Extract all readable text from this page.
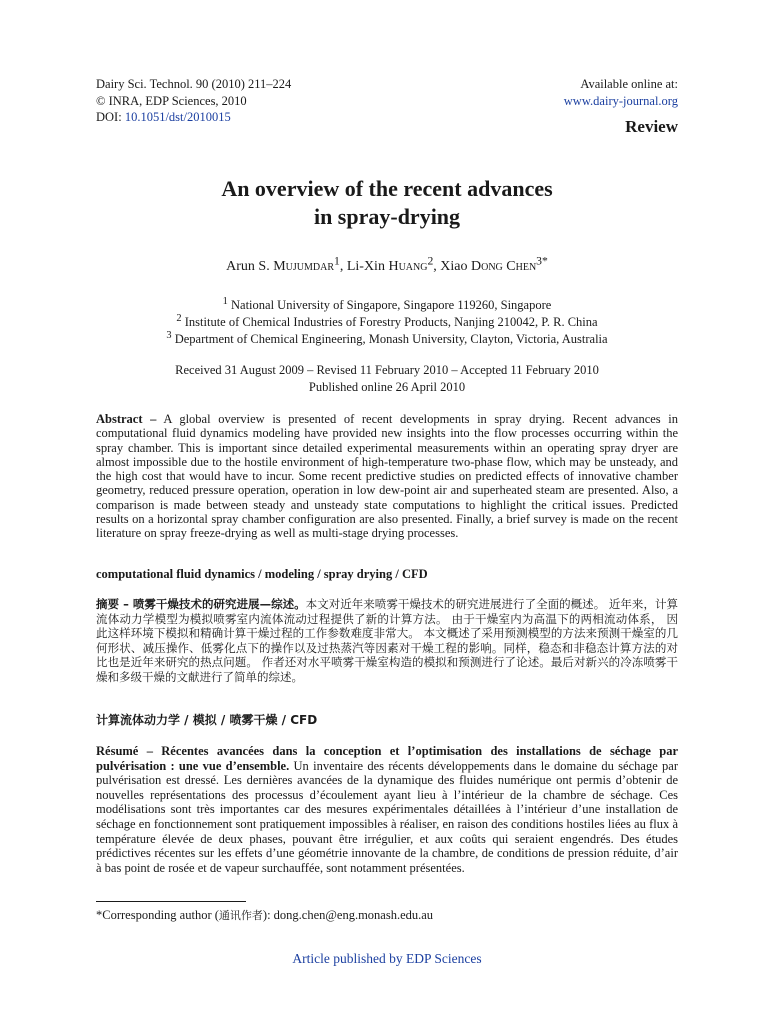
Dairy Sci. Technol. 90 (2010) 211–224
© INRA, EDP Sciences, 2010
DOI: 10.1051/dst/2010015
Available online at:
www.dairy-journal.org
Review
An overview of the recent advances
in spray-drying
Arun S. Mujumdar$^1$, Li-Xin Huang$^2$, Xiao Dong Chen$^{3*}$
$^1$ National University of Singapore, Singapore 119260, Singapore
$^2$ Institute of Chemical Industries of Forestry Products, Nanjing 210042, P. R. China
$^3$ Department of Chemical Engineering, Monash University, Clayton, Victoria, Australia
Received 31 August 2009 – Revised 11 February 2010 – Accepted 11 February 2010
Published online 26 April 2010
Abstract – A global overview is presented of recent developments in spray drying. Recent advances in computational fluid dynamics modeling have provided new insights into the flow processes occurring within the spray chamber. This is important since detailed experimental measurements within an operating spray dryer are almost impossible due to the hostile environment of high-temperature two-phase flow, which may be unsteady, and the high cost that would have to incur. Some recent predictive studies on predicted effects of innovative chamber geometry, reduced pressure operation, operation in low dew-point air and superheated steam are presented. Also, a comparison is made between steady and unsteady state computations to highlight the critical issues. Predicted results on a horizontal spray chamber configuration are also presented. Finally, a brief survey is made on the recent literature on spray freeze-drying as well as multi-stage drying processes.
computational fluid dynamics / modeling / spray drying / CFD
摘要 – 喷雾干燥技术的研究进展—综述。本文对近年来喷雾干燥技术的研究进展进行了全面的概述。 近年来，计算流体动力学模型为模拟喷雾室内流体流动过程提供了新的计算方法。 由于干燥室内为高温下的两相流动体系， 因此这样环境下模拟和精确计算干燥过程的工作参数难度非常大。 本文概述了采用预测模型的方法来预测干燥室的几何形状、减压操作、低雾化点下的操作以及过热蒸汽等因素对干燥工程的影响。同样，稳态和非稳态计算方法的对比也是近年来研究的热点问题。 作者还对水平喷雾干燥室构造的模拟和预测进行了论述。最后对新兴的冷冻喷雾干燥和多级干燥的文献进行了简单的综述。
计算流体动力学 / 模拟 / 喷雾干燥 / CFD
Résumé – Récentes avancées dans la conception et l’optimisation des installations de séchage par pulvérisation : une vue d’ensemble. Un inventaire des récents développements dans le domaine du séchage par pulvérisation est dressé. Les dernières avancées de la dynamique des fluides numérique ont permis d’obtenir de nouvelles représentations des processus d’écoulement ayant lieu à l’intérieur de la chambre de séchage. Ces modélisations sont très importantes car des mesures expérimentales détaillées à l’intérieur d’une installation de séchage en fonctionnement sont pratiquement impossibles à réaliser, en raison des conditions hostiles liées au flux à température élevée de deux phases, pouvant être irrégulier, et aux coûts qui seraient engendrés. Des études prédictives récentes sur les effets d’une géométrie innovante de la chambre, de conditions de pression réduite, d’air à bas point de rosée et de vapeur surchauffée, sont notamment présentées.
*Corresponding author (通讯作者): dong.chen@eng.monash.edu.au
Article published by EDP Sciences
